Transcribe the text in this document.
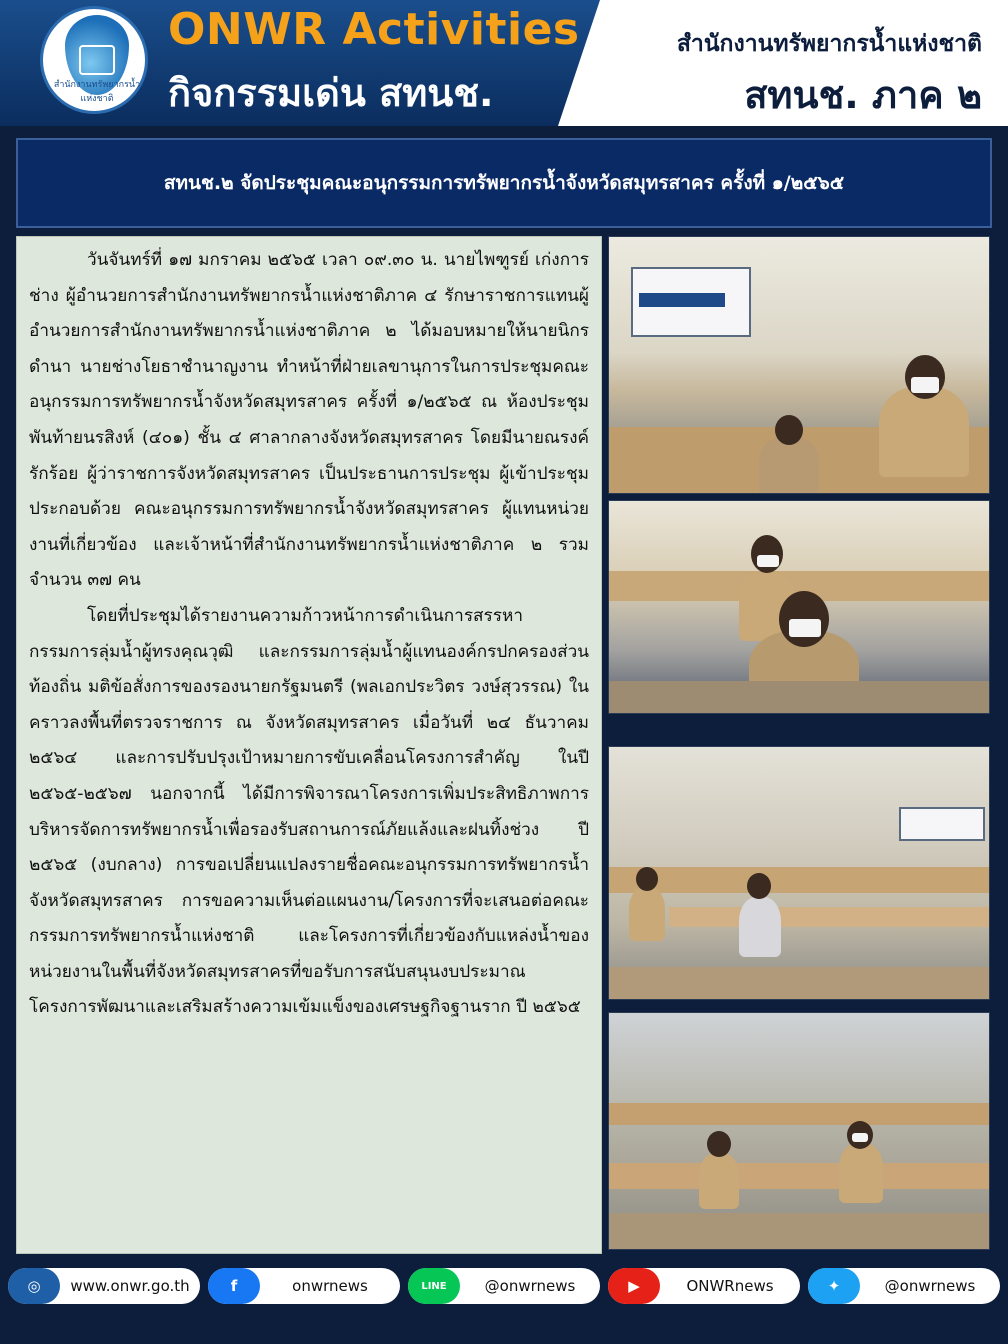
สำนักงานทรัพยากรน้ำแห่งชาติ
ONWR Activities
กิจกรรมเด่น สทนช.
สำนักงานทรัพยากรน้ำแห่งชาติ
สทนช. ภาค ๒
สทนช.๒ จัดประชุมคณะอนุกรรมการทรัพยากรน้ำจังหวัดสมุทรสาคร ครั้งที่ ๑/๒๕๖๕

วันจันทร์ที่ ๑๗ มกราคม ๒๕๖๕ เวลา ๐๙.๓๐ น. นายไพฑูรย์ เก่งการช่าง ผู้อำนวยการสำนักงานทรัพยากรน้ำแห่งชาติภาค ๔ รักษาราชการแทนผู้อำนวยการสำนักงานทรัพยากรน้ำแห่งชาติภาค ๒ ได้มอบหมายให้นายนิกร ดำนา นายช่างโยธาชำนาญงาน ทำหน้าที่ฝ่ายเลขานุการในการประชุมคณะอนุกรรมการทรัพยากรน้ำจังหวัดสมุทรสาคร ครั้งที่ ๑/๒๕๖๕ ณ ห้องประชุมพันท้ายนรสิงห์ (๔๐๑) ชั้น ๔ ศาลากลางจังหวัดสมุทรสาคร โดยมีนายณรงค์ รักร้อย ผู้ว่าราชการจังหวัดสมุทรสาคร เป็นประธานการประชุม ผู้เข้าประชุมประกอบด้วย คณะอนุกรรมการทรัพยากรน้ำจังหวัดสมุทรสาคร ผู้แทนหน่วยงานที่เกี่ยวข้อง และเจ้าหน้าที่สำนักงานทรัพยากรน้ำแห่งชาติภาค ๒ รวมจำนวน ๓๗ คน

โดยที่ประชุมได้รายงานความก้าวหน้าการดำเนินการสรรหากรรมการลุ่มน้ำผู้ทรงคุณวุฒิ และกรรมการลุ่มน้ำผู้แทนองค์กรปกครองส่วนท้องถิ่น มติข้อสั่งการของรองนายกรัฐมนตรี (พลเอกประวิตร วงษ์สุวรรณ) ในคราวลงพื้นที่ตรวจราชการ ณ จังหวัดสมุทรสาคร เมื่อวันที่ ๒๔ ธันวาคม ๒๕๖๔ และการปรับปรุงเป้าหมายการขับเคลื่อนโครงการสำคัญ ในปี ๒๕๖๕-๒๕๖๗ นอกจากนี้ ได้มีการพิจารณาโครงการเพิ่มประสิทธิภาพการบริหารจัดการทรัพยากรน้ำเพื่อรองรับสถานการณ์ภัยแล้งและฝนทิ้งช่วง ปี ๒๕๖๕ (งบกลาง) การขอเปลี่ยนแปลงรายชื่อคณะอนุกรรมการทรัพยากรน้ำจังหวัดสมุทรสาคร การขอความเห็นต่อแผนงาน/โครงการที่จะเสนอต่อคณะกรรมการทรัพยากรน้ำแห่งชาติ และโครงการที่เกี่ยวข้องกับแหล่งน้ำของหน่วยงานในพื้นที่จังหวัดสมุทรสาครที่ขอรับการสนับสนุนงบประมาณโครงการพัฒนาและเสริมสร้างความเข้มแข็งของเศรษฐกิจฐานราก ปี ๒๕๖๕

◎	www.onwr.go.th	f	onwrnews	LINE	@onwrnews	▶	ONWRnews	✦	@onwrnews
